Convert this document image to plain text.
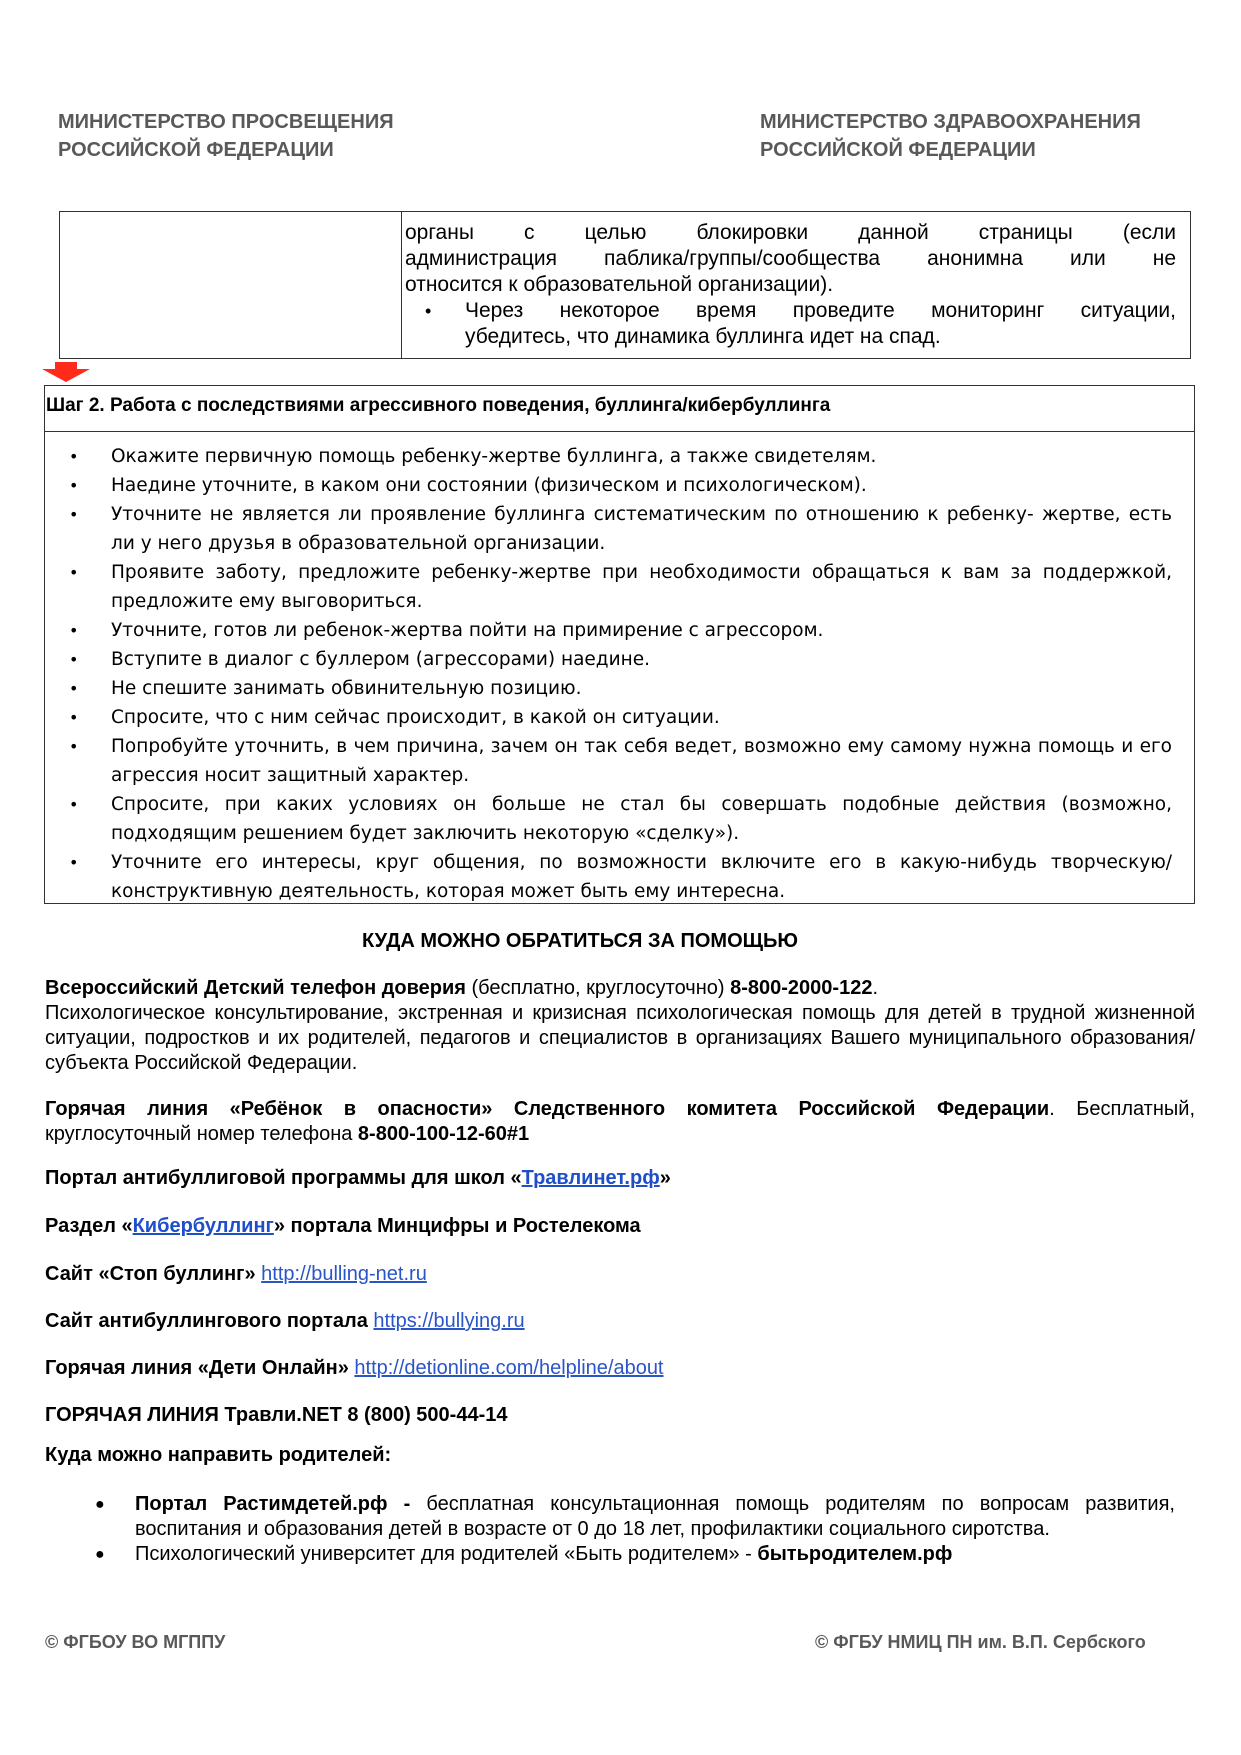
МИНИСТЕРСТВО ПРОСВЕЩЕНИЯ
РОССИЙСКОЙ ФЕДЕРАЦИИ
МИНИСТЕРСТВО ЗДРАВООХРАНЕНИЯ
РОССИЙСКОЙ ФЕДЕРАЦИИ
органы с целью блокировки данной страницы (если
администрация паблика/группы/сообщества анонимна или не
относится к образовательной организации).
•	Через некоторое время проведите мониторинг ситуации,
убедитесь, что динамика буллинга идет на спад.
Шаг 2. Работа с последствиями агрессивного поведения, буллинга/кибербуллинга
•	Окажите первичную помощь ребенку-жертве буллинга, а также свидетелям.
•	Наедине уточните, в каком они состоянии (физическом и психологическом).
•	Уточните не является ли проявление буллинга систематическим по отношению к ребенку- жертве, есть ли у него друзья в образовательной организации.
•	Проявите заботу, предложите ребенку-жертве при необходимости обращаться к вам за поддержкой, предложите ему выговориться.
•	Уточните, готов ли ребенок-жертва пойти на примирение с агрессором.
•	Вступите в диалог с буллером (агрессорами) наедине.
•	Не спешите занимать обвинительную позицию.
•	Спросите, что с ним сейчас происходит, в какой он ситуации.
•	Попробуйте уточнить, в чем причина, зачем он так себя ведет, возможно ему самому нужна помощь и его агрессия носит защитный характер.
•	Спросите, при каких условиях он больше не стал бы совершать подобные действия (возможно, подходящим решением будет заключить некоторую «сделку»).
•	Уточните его интересы, круг общения, по возможности включите его в какую-нибудь творческую/конструктивную деятельность, которая может быть ему интересна.
КУДА МОЖНО ОБРАТИТЬСЯ ЗА ПОМОЩЬЮ
Всероссийский Детский телефон доверия (бесплатно, круглосуточно) 8-800-2000-122.
Психологическое консультирование, экстренная и кризисная психологическая помощь для детей в трудной жизненной ситуации, подростков и их родителей, педагогов и специалистов в организациях Вашего муниципального образования/субъекта Российской Федерации.
Горячая линия «Ребёнок в опасности» Следственного комитета Российской Федерации. Бесплатный, круглосуточный номер телефона 8-800-100-12-60#1
Портал антибуллиговой программы для школ «Травлинет.рф»
Раздел «Кибербуллинг» портала Минцифры и Ростелекома
Сайт «Стоп буллинг» http://bulling-net.ru
Сайт антибуллингового портала https://bullying.ru
Горячая линия «Дети Онлайн» http://detionline.com/helpline/about
ГОРЯЧАЯ ЛИНИЯ Травли.NET 8 (800) 500-44-14
Куда можно направить родителей:
●	Портал Растимдетей.рф - бесплатная консультационная помощь родителям по вопросам развития, воспитания и образования детей в возрасте от 0 до 18 лет, профилактики социального сиротства.
●	Психологический университет для родителей «Быть родителем» - бытьродителем.рф
© ФГБОУ ВО МГППУ	© ФГБУ НМИЦ ПН им. В.П. Сербского
